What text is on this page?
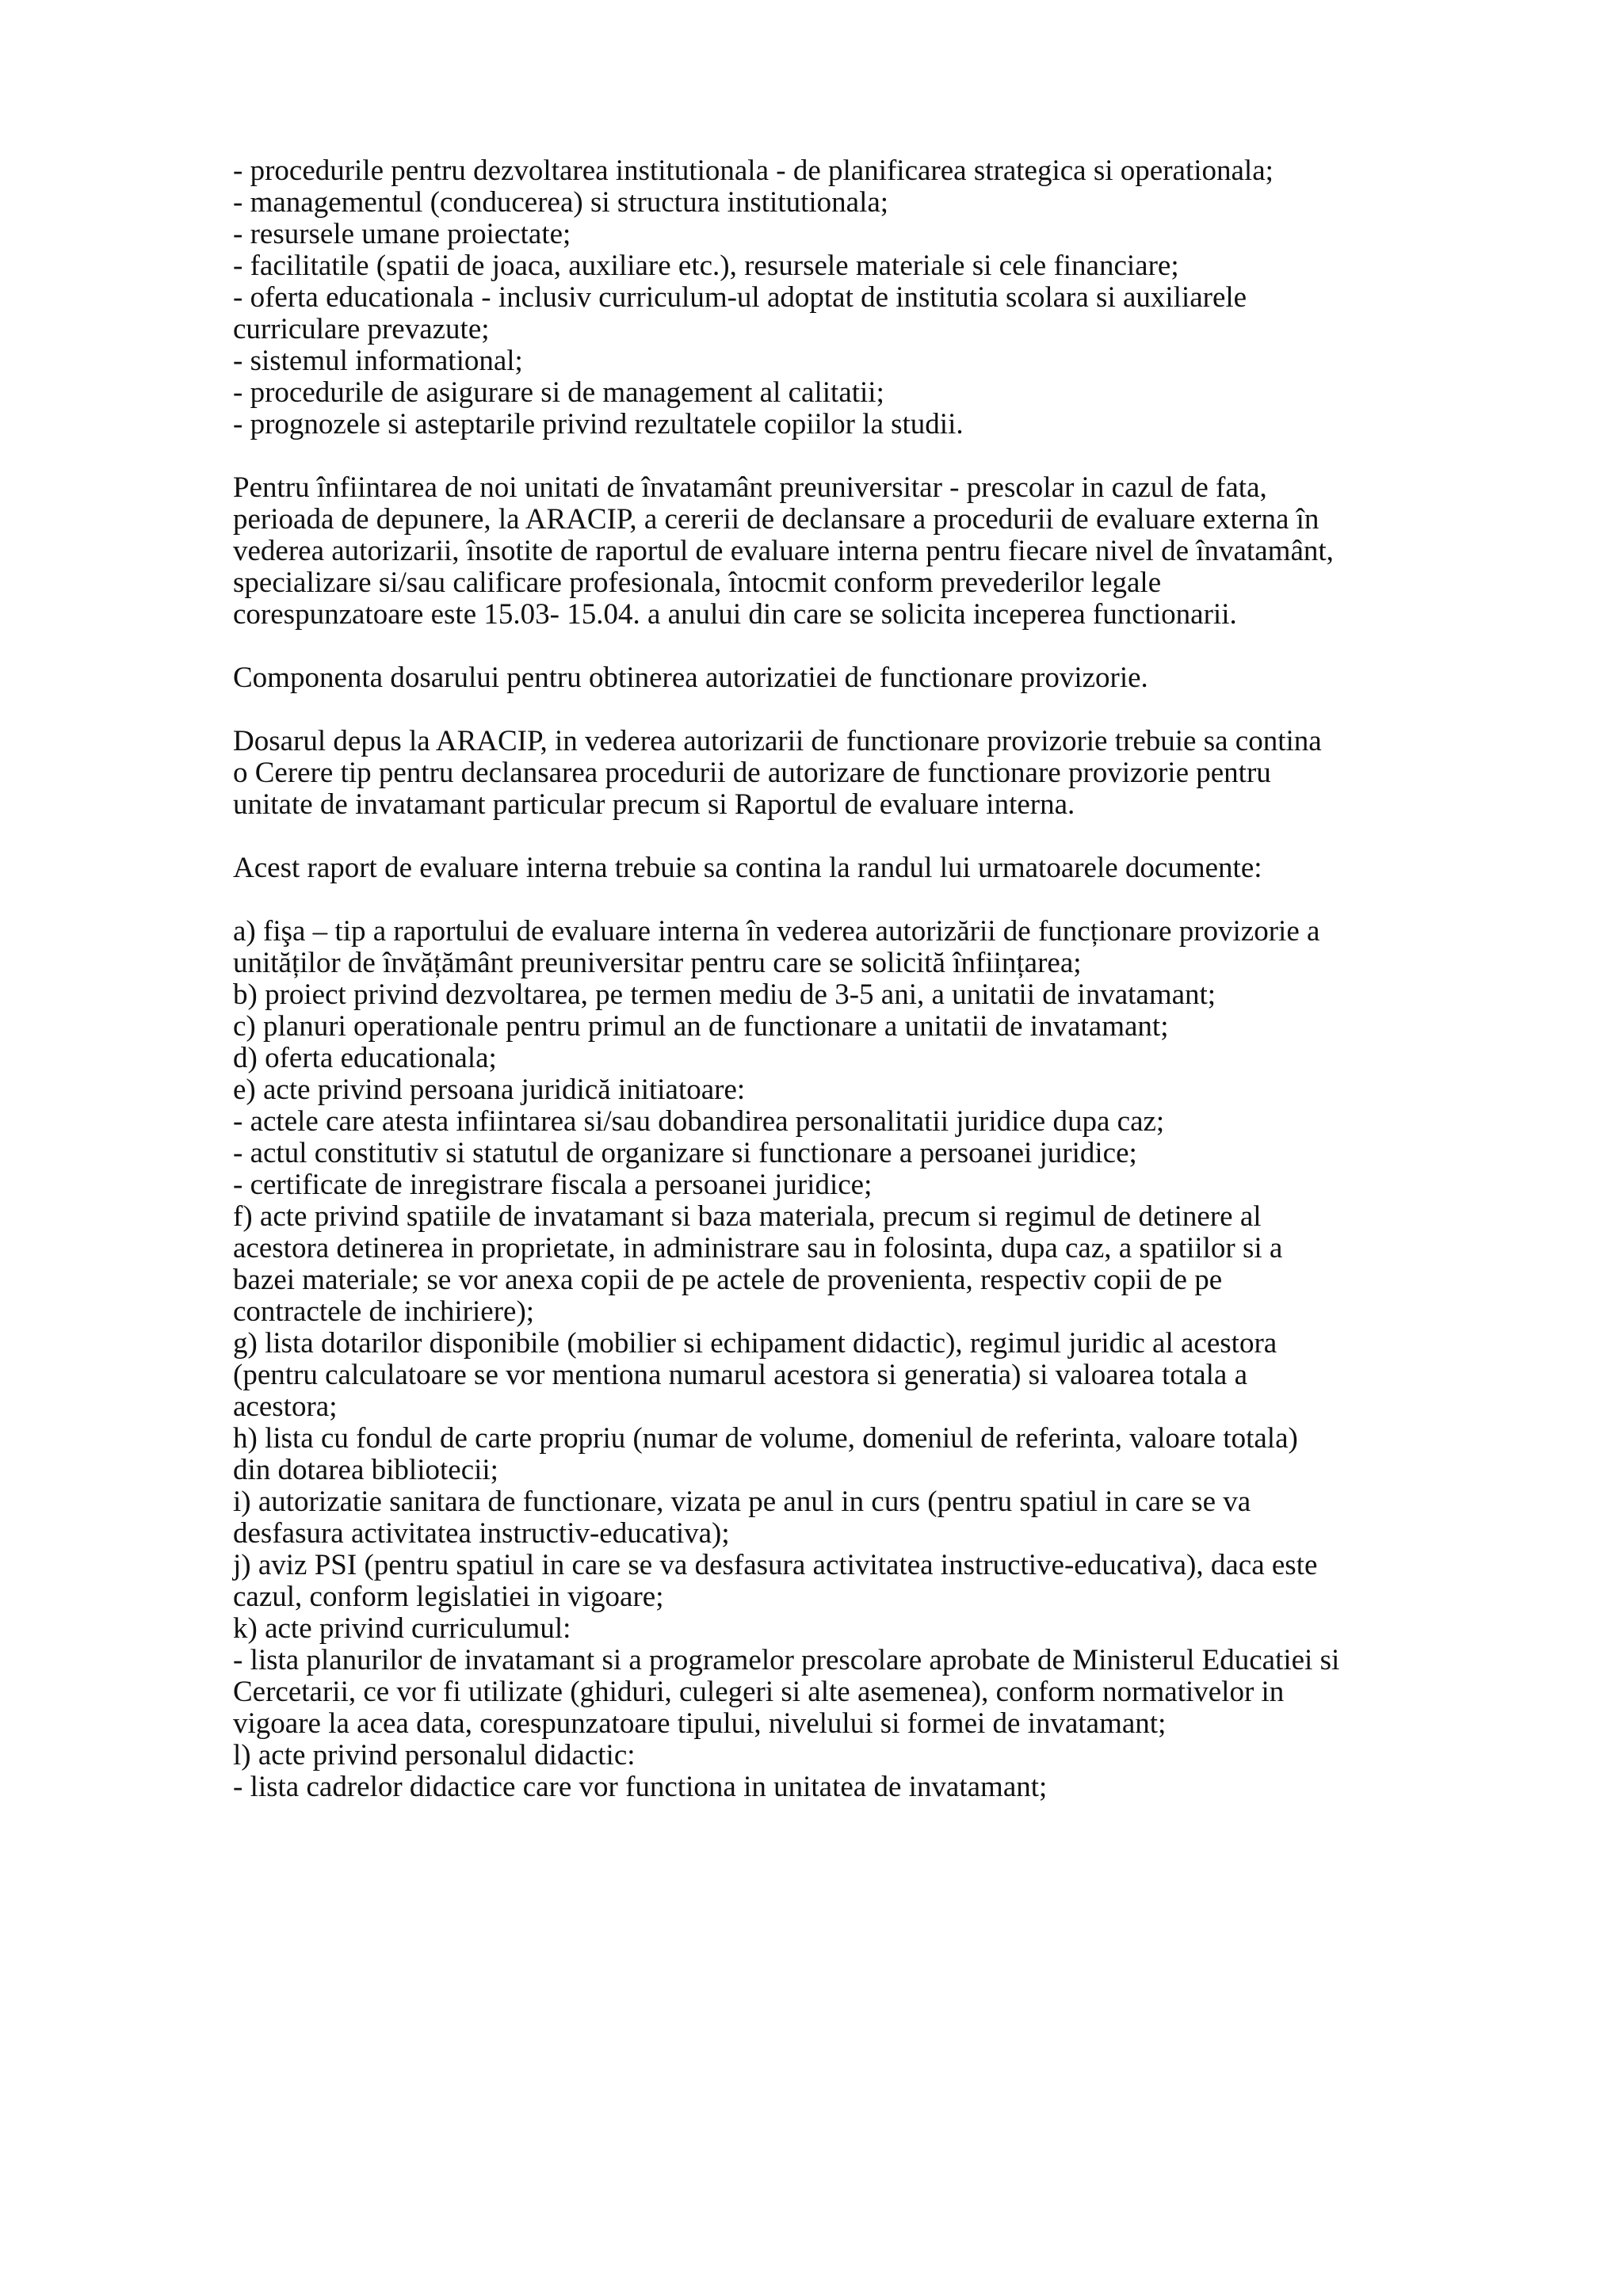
- procedurile pentru dezvoltarea institutionala - de planificarea strategica si operationala;
- managementul (conducerea) si structura institutionala;
- resursele umane proiectate;
- facilitatile (spatii de joaca, auxiliare etc.), resursele materiale si cele financiare;
- oferta educationala - inclusiv curriculum-ul adoptat de institutia scolara si auxiliarele
curriculare prevazute;
- sistemul informational;
- procedurile de asigurare si de management al calitatii;
- prognozele si asteptarile privind rezultatele copiilor la studii.
Pentru înfiintarea de noi unitati de învatamânt preuniversitar - prescolar in cazul de fata,
perioada de depunere, la ARACIP, a cererii de declansare a procedurii de evaluare externa în
vederea autorizarii, însotite de raportul de evaluare interna pentru fiecare nivel de învatamânt,
specializare si/sau calificare profesionala, întocmit conform prevederilor legale
corespunzatoare este 15.03- 15.04. a anului din care se solicita inceperea functionarii.
Componenta dosarului pentru obtinerea autorizatiei de functionare provizorie.
Dosarul depus la ARACIP, in vederea autorizarii de functionare provizorie trebuie sa contina
o Cerere tip pentru declansarea procedurii de autorizare de functionare provizorie pentru
unitate de invatamant particular precum si Raportul de evaluare interna.
Acest raport de evaluare interna trebuie sa contina la randul lui urmatoarele documente:
a) fişa – tip a raportului de evaluare interna în vederea autorizării de funcționare provizorie a
unităților de învățământ preuniversitar pentru care se solicită înființarea;
b) proiect privind dezvoltarea, pe termen mediu de 3-5 ani, a unitatii de invatamant;
c) planuri operationale pentru primul an de functionare a unitatii de invatamant;
d) oferta educationala;
e) acte privind persoana juridică initiatoare:
- actele care atesta infiintarea si/sau dobandirea personalitatii juridice dupa caz;
- actul constitutiv si statutul de organizare si functionare a persoanei juridice;
- certificate de inregistrare fiscala a persoanei juridice;
f) acte privind spatiile de invatamant si baza materiala, precum si regimul de detinere al
acestora detinerea in proprietate, in administrare sau in folosinta, dupa caz, a spatiilor si a
bazei materiale; se vor anexa copii de pe actele de provenienta, respectiv copii de pe
contractele de inchiriere);
g) lista dotarilor disponibile (mobilier si echipament didactic), regimul juridic al acestora
(pentru calculatoare se vor mentiona numarul acestora si generatia) si valoarea totala a
acestora;
h) lista cu fondul de carte propriu (numar de volume, domeniul de referinta, valoare totala)
din dotarea bibliotecii;
i) autorizatie sanitara de functionare, vizata pe anul in curs (pentru spatiul in care se va
desfasura activitatea instructiv-educativa);
j) aviz PSI (pentru spatiul in care se va desfasura activitatea instructive-educativa), daca este
cazul, conform legislatiei in vigoare;
k) acte privind curriculumul:
- lista planurilor de invatamant si a programelor prescolare aprobate de Ministerul Educatiei si
Cercetarii, ce vor fi utilizate (ghiduri, culegeri si alte asemenea), conform normativelor in
vigoare la acea data, corespunzatoare tipului, nivelului si formei de invatamant;
l) acte privind personalul didactic:
- lista cadrelor didactice care vor functiona in unitatea de invatamant;
